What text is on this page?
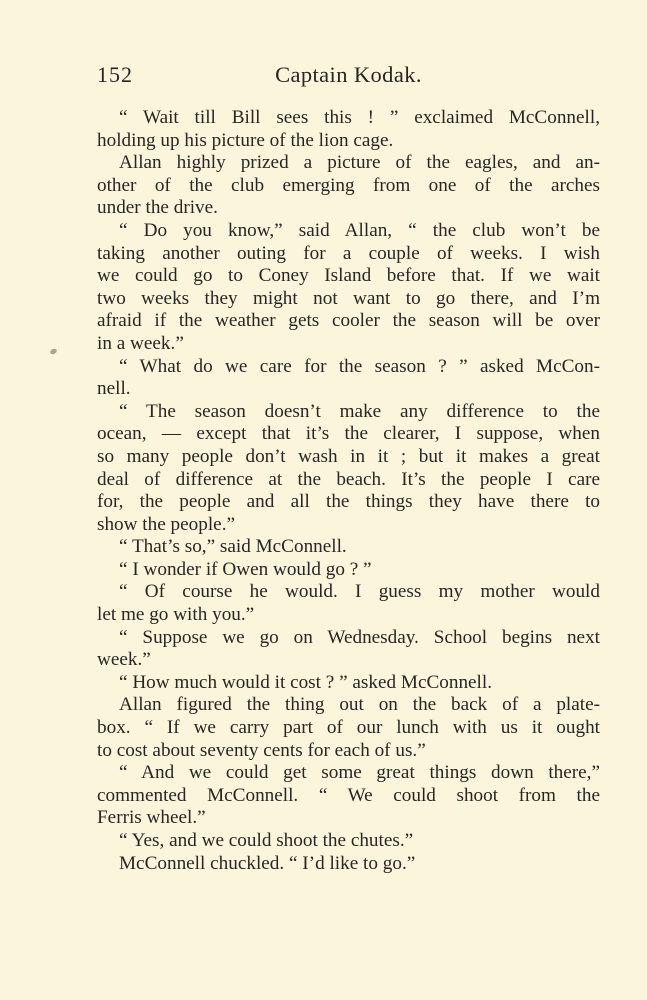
152	Captain Kodak.
“ Wait till Bill sees this ! ” exclaimed McConnell,
holding up his picture of the lion cage.
Allan highly prized a picture of the eagles, and an-
other of the club emerging from one of the arches
under the drive.
“ Do you know,” said Allan, “ the club won’t be
taking another outing for a couple of weeks. I wish
we could go to Coney Island before that. If we wait
two weeks they might not want to go there, and I’m
afraid if the weather gets cooler the season will be over
in a week.”
“ What do we care for the season ? ” asked McCon-
nell.
“ The season doesn’t make any difference to the
ocean, — except that it’s the clearer, I suppose, when
so many people don’t wash in it ; but it makes a great
deal of difference at the beach. It’s the people I care
for, the people and all the things they have there to
show the people.”
“ That’s so,” said McConnell.
“ I wonder if Owen would go ? ”
“ Of course he would. I guess my mother would
let me go with you.”
“ Suppose we go on Wednesday. School begins next
week.”
“ How much would it cost ? ” asked McConnell.
Allan figured the thing out on the back of a plate-
box. “ If we carry part of our lunch with us it ought
to cost about seventy cents for each of us.”
“ And we could get some great things down there,”
commented McConnell. “ We could shoot from the
Ferris wheel.”
“ Yes, and we could shoot the chutes.”
McConnell chuckled. “ I’d like to go.”
